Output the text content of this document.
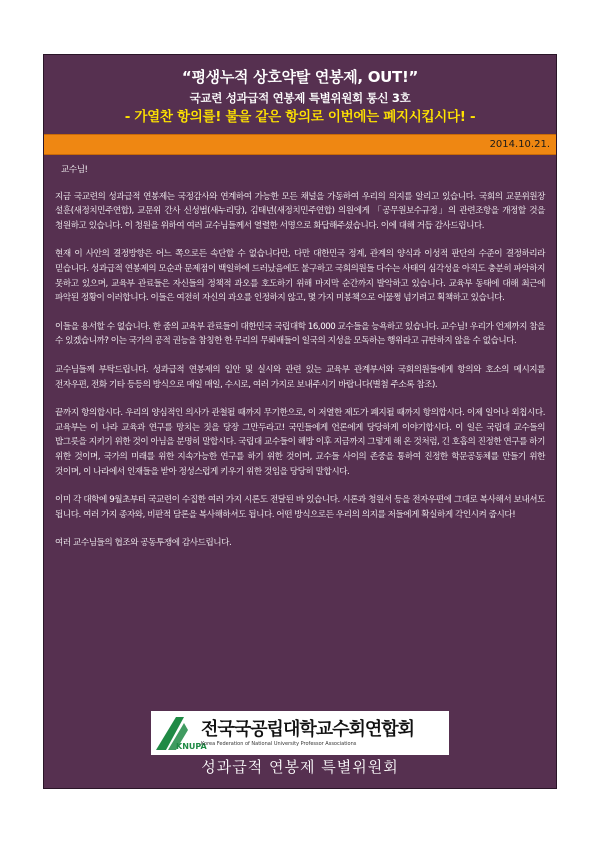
“평생누적 상호약탈 연봉제, OUT!”
국교련 성과급적 연봉제 특별위원회 통신 3호
- 가열찬 항의를! 불을 같은 항의로 이번에는 폐지시킵시다! -
2014.10.21.

교수님!

지금 국교련의 성과급적 연봉제는 국정감사와 연계하여 가능한 모든 채널을 가동하여 우리의 의지를 알리고 있습니다. 국회의 교문위원장 설훈(새정치민주연합), 교문위 간사 신성범(새누리당), 김태년(새정치민주연합) 의원에게 「공무원보수규정」의 관련조항을 개정할 것을 청원하고 있습니다. 이 청원을 위하여 여러 교수님들께서 열렬한 서명으로 화답해주셨습니다. 이에 대해 거듭 감사드립니다.

현재 이 사안의 결정방향은 어느 쪽으로든 속단할 수 없습니다만, 다만 대한민국 정계, 관계의 양식과 이성적 판단의 수준이 결정하리라 믿습니다. 성과급적 연봉제의 모순과 문제점이 백일하에 드러났음에도 불구하고 국회의원들 다수는 사태의 심각성을 아직도 충분히 파악하지 못하고 있으며, 교육부 관료들은 자신들의 정책적 과오를 호도하기 위해 마지막 순간까지 발악하고 있습니다. 교육부 동태에 대해 최근에 파악된 정황이 이러합니다. 이들은 여전히 자신의 과오를 인정하지 않고, 몇 가지 미봉책으로 어물쩡 넘기려고 획책하고 있습니다.

이들을 용서할 수 없습니다. 한 줌의 교육부 관료들이 대한민국 국립대학 16,000 교수들을 능욕하고 있습니다. 교수님! 우리가 언제까지 참을 수 있겠습니까? 이는 국가의 공적 권능을 참칭한 한 무리의 무뢰배들이 일국의 지성을 모독하는 행위라고 규탄하지 않을 수 없습니다.

교수님들께 부탁드립니다. 성과급적 연봉제의 입안 및 실시와 관련 있는 교육부 관계부서와 국회의원들에게 항의와 호소의 메시지를 전자우편, 전화 기타 등등의 방식으로 매일 매일, 수시로, 여러 가지로 보내주시기 바랍니다(별첨 주소록 참조).

끝까지 항의합시다. 우리의 양심적인 의사가 관철될 때까지 무기한으로, 이 저열한 제도가 폐지될 때까지 항의합시다. 이제 일어나 외칩시다. 교육부는 이 나라 교육과 연구를 망치는 짓을 당장 그만두라고! 국민들에게 언론에게 당당하게 이야기합시다. 이 일은 국립대 교수들의 밥그릇을 지키기 위한 것이 아님을 분명히 말합시다. 국립대 교수들이 해방 이후 지금까지 그렇게 해 온 것처럼, 긴 호흡의 진정한 연구를 하기 위한 것이며, 국가의 미래를 위한 지속가능한 연구를 하기 위한 것이며, 교수들 사이의 존중을 통하여 진정한 학문공동체를 만들기 위한 것이며, 이 나라에서 인재들을 받아 정성스럽게 키우기 위한 것임을 당당히 말합시다.

이미 각 대학에 9월초부터 국교련이 수집한 여러 가지 시론도 전달된 바 있습니다. 시론과 청원서 등을 전자우편에 그대로 복사해서 보내셔도 됩니다. 여러 가지 종자와, 비판적 담론을 복사해하셔도 됩니다. 어떤 방식으로든 우리의 의지를 저들에게 확실하게 각인시켜 줍시다!

여러 교수님들의 협조와 공동투쟁에 감사드립니다.

KNUPA
전국국공립대학교수회연합회
Korea Federation of National University Professor Associations
성과급적 연봉제 특별위원회
